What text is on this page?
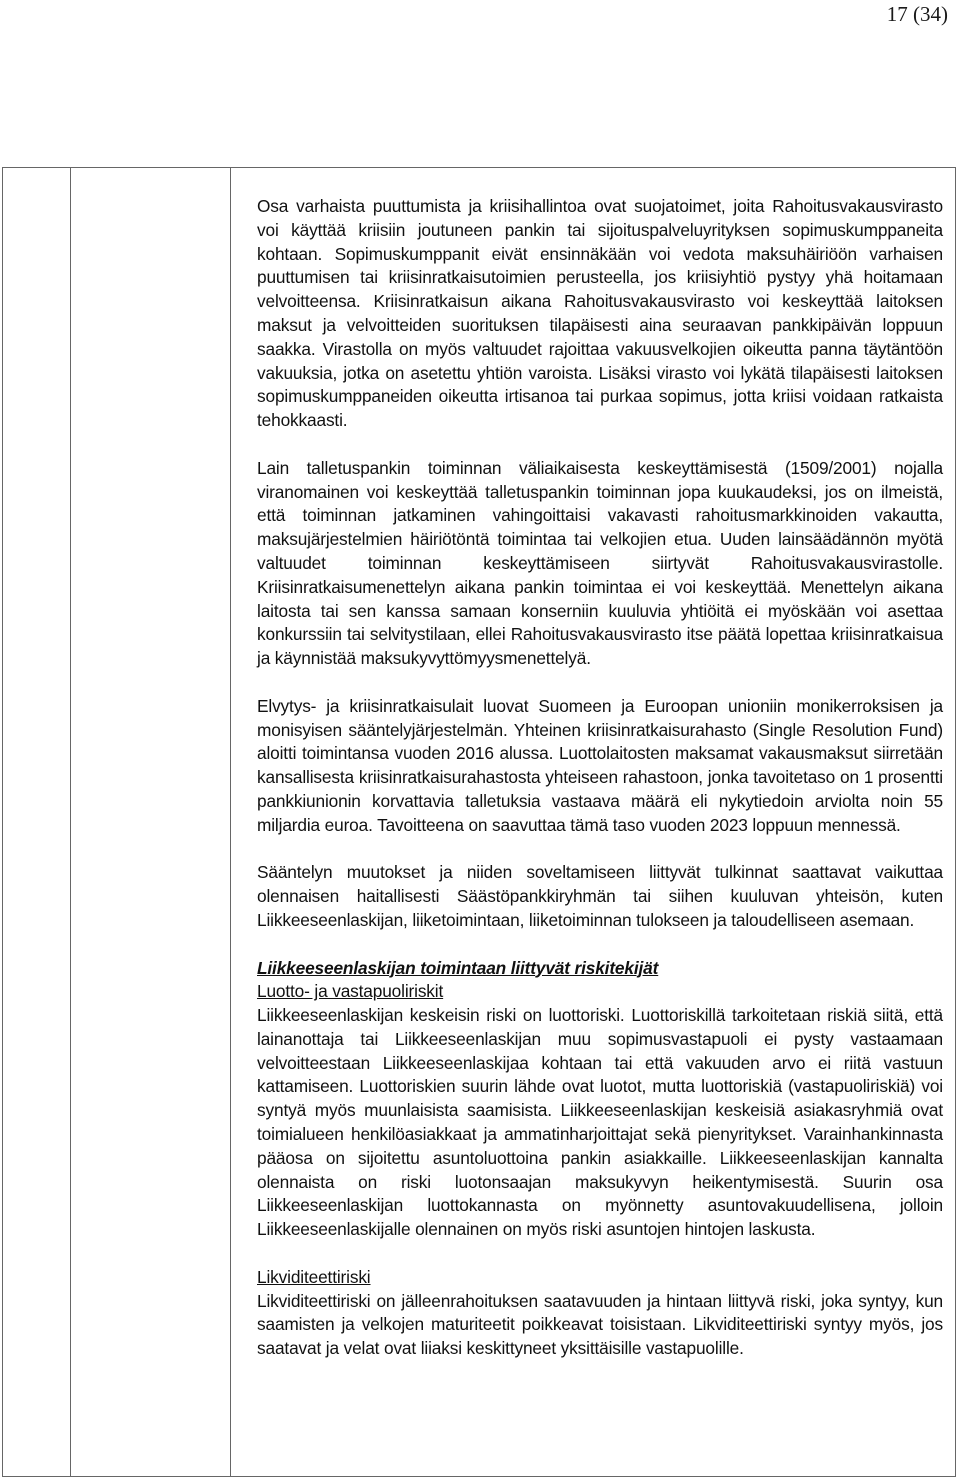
17 (34)

Osa varhaista puuttumista ja kriisihallintoa ovat suojatoimet, joita Rahoitusvakausvirasto voi käyttää kriisiin joutuneen pankin tai sijoituspalveluyrityksen sopimuskumppaneita kohtaan. Sopimuskumppanit eivät ensinnäkään voi vedota maksuhäiriöön varhaisen puuttumisen tai kriisinratkaisutoimien perusteella, jos kriisiyhtiö pystyy yhä hoitamaan velvoitteensa. Kriisinratkaisun aikana Rahoitusvakausvirasto voi keskeyttää laitoksen maksut ja velvoitteiden suorituksen tilapäisesti aina seuraavan pankkipäivän loppuun saakka. Virastolla on myös valtuudet rajoittaa vakuusvelkojien oikeutta panna täytäntöön vakuuksia, jotka on asetettu yhtiön varoista. Lisäksi virasto voi lykätä tilapäisesti laitoksen sopimuskumppaneiden oikeutta irtisanoa tai purkaa sopimus, jotta kriisi voidaan ratkaista tehokkaasti.

Lain talletuspankin toiminnan väliaikaisesta keskeyttämisestä (1509/2001) nojalla viranomainen voi keskeyttää talletuspankin toiminnan jopa kuukaudeksi, jos on ilmeistä, että toiminnan jatkaminen vahingoittaisi vakavasti rahoitusmarkkinoiden vakautta, maksujärjestelmien häiriötöntä toimintaa tai velkojien etua. Uuden lainsäädännön myötä valtuudet toiminnan keskeyttämiseen siirtyvät Rahoitusvakausvirastolle. Kriisinratkaisumenettelyn aikana pankin toimintaa ei voi keskeyttää. Menettelyn aikana laitosta tai sen kanssa samaan konserniin kuuluvia yhtiöitä ei myöskään voi asettaa konkurssiin tai selvitystilaan, ellei Rahoitusvakausvirasto itse päätä lopettaa kriisinratkaisua ja käynnistää maksukyvyttömyysmenettelyä.

Elvytys- ja kriisinratkaisulait luovat Suomeen ja Euroopan unioniin monikerroksisen ja monisyisen sääntelyjärjestelmän. Yhteinen kriisinratkaisurahasto (Single Resolution Fund) aloitti toimintansa vuoden 2016 alussa. Luottolaitosten maksamat vakausmaksut siirretään kansallisesta kriisinratkaisurahastosta yhteiseen rahastoon, jonka tavoitetaso on 1 prosentti pankkiunionin korvattavia talletuksia vastaava määrä eli nykytiedoin arviolta noin 55 miljardia euroa. Tavoitteena on saavuttaa tämä taso vuoden 2023 loppuun mennessä.

Sääntelyn muutokset ja niiden soveltamiseen liittyvät tulkinnat saattavat vaikuttaa olennaisen haitallisesti Säästöpankkiryhmän tai siihen kuuluvan yhteisön, kuten Liikkeeseenlaskijan, liiketoimintaan, liiketoiminnan tulokseen ja taloudelliseen asemaan.

Liikkeeseenlaskijan toimintaan liittyvät riskitekijät

Luotto- ja vastapuoliriskit

Liikkeeseenlaskijan keskeisin riski on luottoriski. Luottoriskillä tarkoitetaan riskiä siitä, että lainanottaja tai Liikkeeseenlaskijan muu sopimusvastapuoli ei pysty vastaamaan velvoitteestaan Liikkeeseenlaskijaa kohtaan tai että vakuuden arvo ei riitä vastuun kattamiseen. Luottoriskien suurin lähde ovat luotot, mutta luottoriskiä (vastapuoliriskiä) voi syntyä myös muunlaisista saamisista. Liikkeeseenlaskijan keskeisiä asiakasryhmiä ovat toimialueen henkilöasiakkaat ja ammatinharjoittajat sekä pienyritykset. Varainhankinnasta pääosa on sijoitettu asuntoluottoina pankin asiakkaille. Liikkeeseenlaskijan kannalta olennaista on riski luotonsaajan maksukyvyn heikentymisestä. Suurin osa Liikkeeseenlaskijan luottokannasta on myönnetty asuntovakuudellisena, jolloin Liikkeeseenlaskijalle olennainen on myös riski asuntojen hintojen laskusta.

Likviditeettiriski

Likviditeettiriski on jälleenrahoituksen saatavuuden ja hintaan liittyvä riski, joka syntyy, kun saamisten ja velkojen maturiteetit poikkeavat toisistaan. Likviditeettiriski syntyy myös, jos saatavat ja velat ovat liiaksi keskittyneet yksittäisille vastapuolille.
